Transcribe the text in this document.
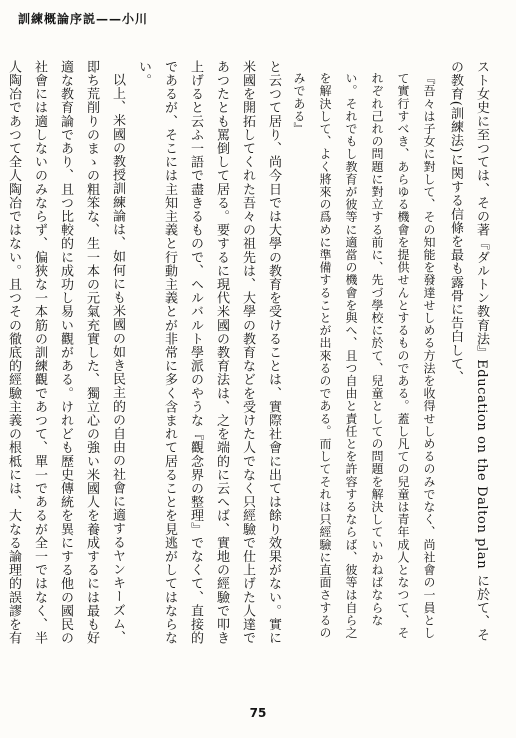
訓練概論序説——小川

スト女史に至つては、その著『ダルトン教育法』Education on the Dalton plan に於て、その教育(訓練法)に関する信條を最も露骨に告白して、

『吾々は子女に對して、その知能を發達せしめる方法を收得せしめるのみでなく、尚社會の一員として實行すべき、あらゆる機會を提供せんとするものである。蓋し凡ての兒童は青年成人となつて、それぞれ己れの問題に對立する前に、先づ學校に於て、兒童としての問題を解決していかねばならない。それでもし教育が彼等に適當の機會を與へ、且つ自由と責任とを許容するならば、彼等は自ら之を解決して、よく將來の爲めに準備することが出來るのである。而してそれは只經驗に直面さするのみである』

と云つて居り、尚今日では大學の教育を受けることは、實際社會に出ては餘り效果がない。實に米國を開拓してくれた吾々の祖先は、大學の教育などを受けた人でなく只經驗で仕上げた人達であつたとも罵倒して居る。要するに現代米國の教育法は、之を端的に云へば、實地の經驗で叩き上げると云ふ一語で盡きるもので、ヘルバルト學派のやうな『觀念界の整理』でなくて、直接的であるが、そこには主知主義と行動主義とが非常に多く含まれて居ることを見逃がしてはならない。

以上、米國の教授訓練論は、如何にも米國の如き民主的の自由の社會に適するヤンキーズム、即ち荒削りのまゝの粗笨な、生一本の元氣充實した、獨立心の強い米國人を養成するには最も好適な教育論であり、且つ比較的に成功し易い觀がある。けれども歷史傳統を異にする他の國民の社會には適しないのみならず、偏狹な一本筋の訓練觀であつて、單一であるが全一ではなく、半人陶冶であつて全人陶冶ではない。且つその徹底的經驗主義の根柢には、大なる論理的誤謬を有

75
